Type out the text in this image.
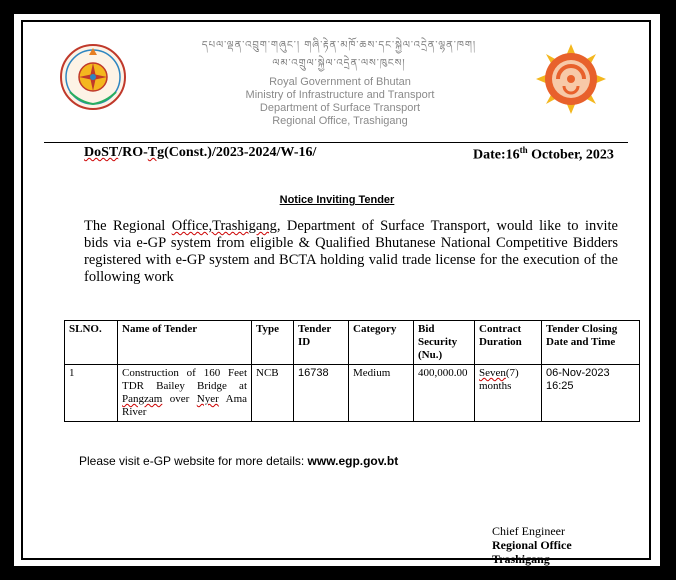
དཔལ་ལྡན་འབྲུག་གཞུང་། གཞི་རྟེན་མཁོ་ཆས་དང་སྐྱེལ་འདྲེན་ལྷན་ཁག།
ལམ་འགྲུལ་སྐྱེལ་འདྲེན་ལས་ཁུངས།
Royal Government of Bhutan
Ministry of Infrastructure and Transport
Department of Surface Transport
Regional Office, Trashigang
DoST/RO-Tg(Const.)/2023-2024/W-16/	Date:16th October, 2023
Notice Inviting Tender
The Regional Office,Trashigang, Department of Surface Transport, would like to invite bids via e-GP system from eligible & Qualified Bhutanese National Competitive Bidders registered with e-GP system and BCTA holding valid trade license for the execution of the following work
SLNO.	Name of Tender	Type	Tender ID	Category	Bid Security (Nu.)	Contract Duration	Tender Closing Date and Time
1	Construction of 160 Feet TDR Bailey Bridge at Pangzam over Nyer Ama River	NCB	16738	Medium	400,000.00	Seven(7) months	06-Nov-2023 16:25
Please visit e-GP website for more details: www.egp.gov.bt
Chief Engineer
Regional Office
Trashigang
